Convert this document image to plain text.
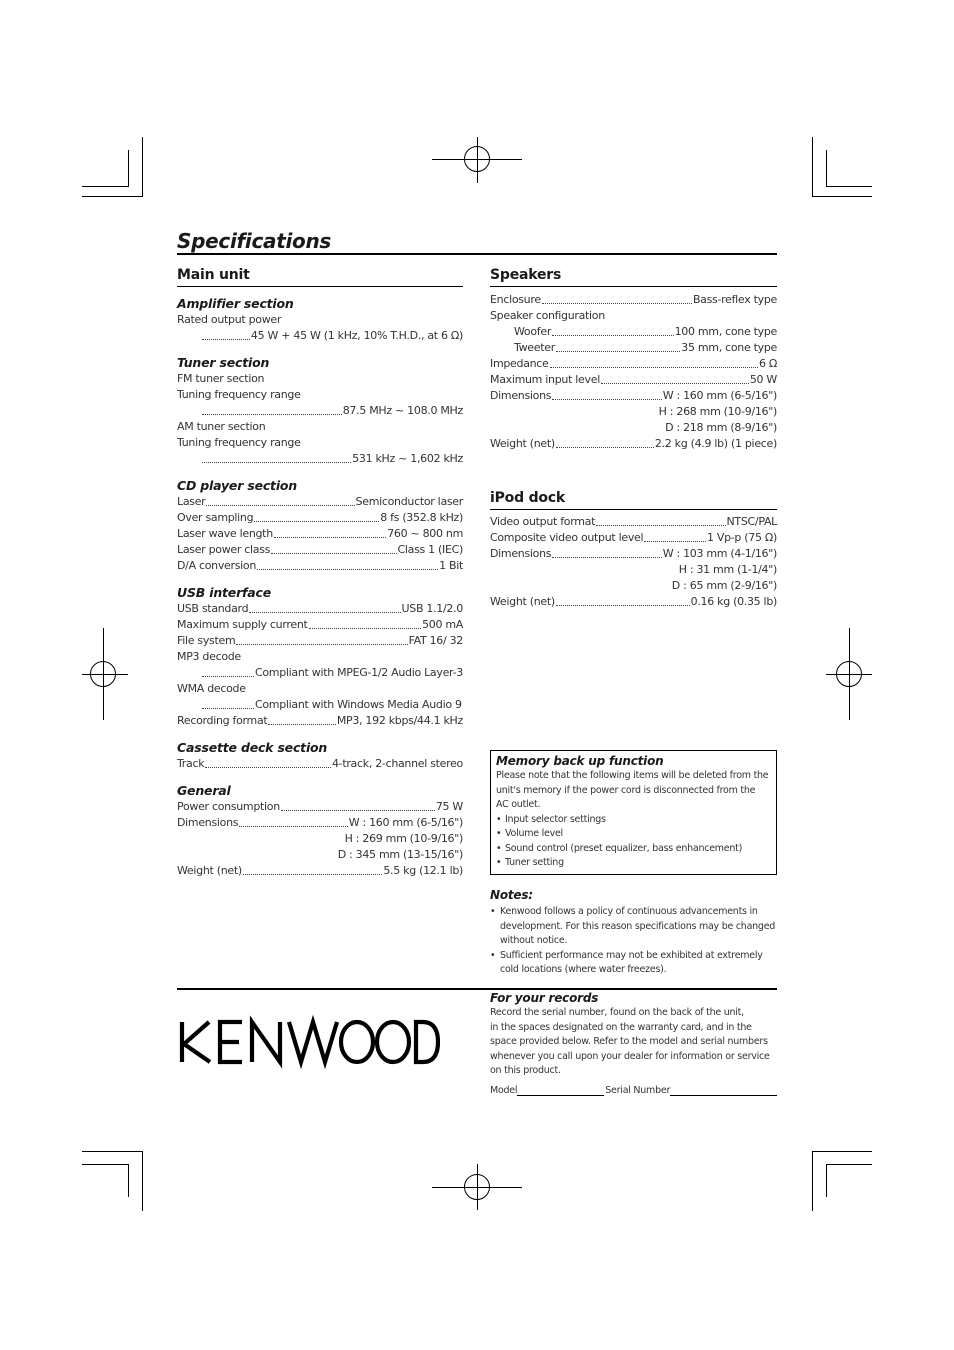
Specifications
Main unit
Amplifier section
Rated output power
45 W + 45 W (1 kHz, 10% T.H.D., at 6 Ω)
Tuner section
FM tuner section
Tuning frequency range
87.5 MHz ~ 108.0 MHz
AM tuner section
Tuning frequency range
531 kHz ~ 1,602 kHz
CD player section
Laser	Semiconductor laser
Over sampling	8 fs (352.8 kHz)
Laser wave length	760 ~ 800 nm
Laser power class	Class 1 (IEC)
D/A conversion	1 Bit
USB interface
USB standard	USB 1.1/2.0
Maximum supply current	500 mA
File system	FAT 16/ 32
MP3 decode
Compliant with MPEG-1/2 Audio Layer-3
WMA decode
Compliant with Windows Media Audio 9
Recording format	MP3, 192 kbps/44.1 kHz
Cassette deck section
Track	4-track, 2-channel stereo
General
Power consumption	75 W
Dimensions	W : 160 mm (6-5/16")
H : 269 mm (10-9/16")
D : 345 mm (13-15/16")
Weight (net)	5.5 kg (12.1 lb)
Speakers
Enclosure	Bass-reflex type
Speaker configuration
Woofer	100 mm, cone type
Tweeter	35 mm, cone type
Impedance	6 Ω
Maximum input level	50 W
Dimensions	W : 160 mm (6-5/16")
H : 268 mm (10-9/16")
D : 218 mm (8-9/16")
Weight (net)	2.2 kg (4.9 lb) (1 piece)
iPod dock
Video output format	NTSC/PAL
Composite video output level	1 Vp-p (75 Ω)
Dimensions	W : 103 mm (4-1/16")
H : 31 mm (1-1/4")
D : 65 mm (2-9/16")
Weight (net)	0.16 kg (0.35 lb)
Memory back up function
Please note that the following items will be deleted from the
unit's memory if the power cord is disconnected from the
AC outlet.
• Input selector settings
• Volume level
• Sound control (preset equalizer, bass enhancement)
• Tuner setting
Notes:
• Kenwood follows a policy of continuous advancements in
development. For this reason specifications may be changed
without notice.
• Sufficient performance may not be exhibited at extremely
cold locations (where water freezes).
For your records
Record the serial number, found on the back of the unit,
in the spaces designated on the warranty card, and in the
space provided below. Refer to the model and serial numbers
whenever you call upon your dealer for information or service
on this product.
Model	Serial Number
